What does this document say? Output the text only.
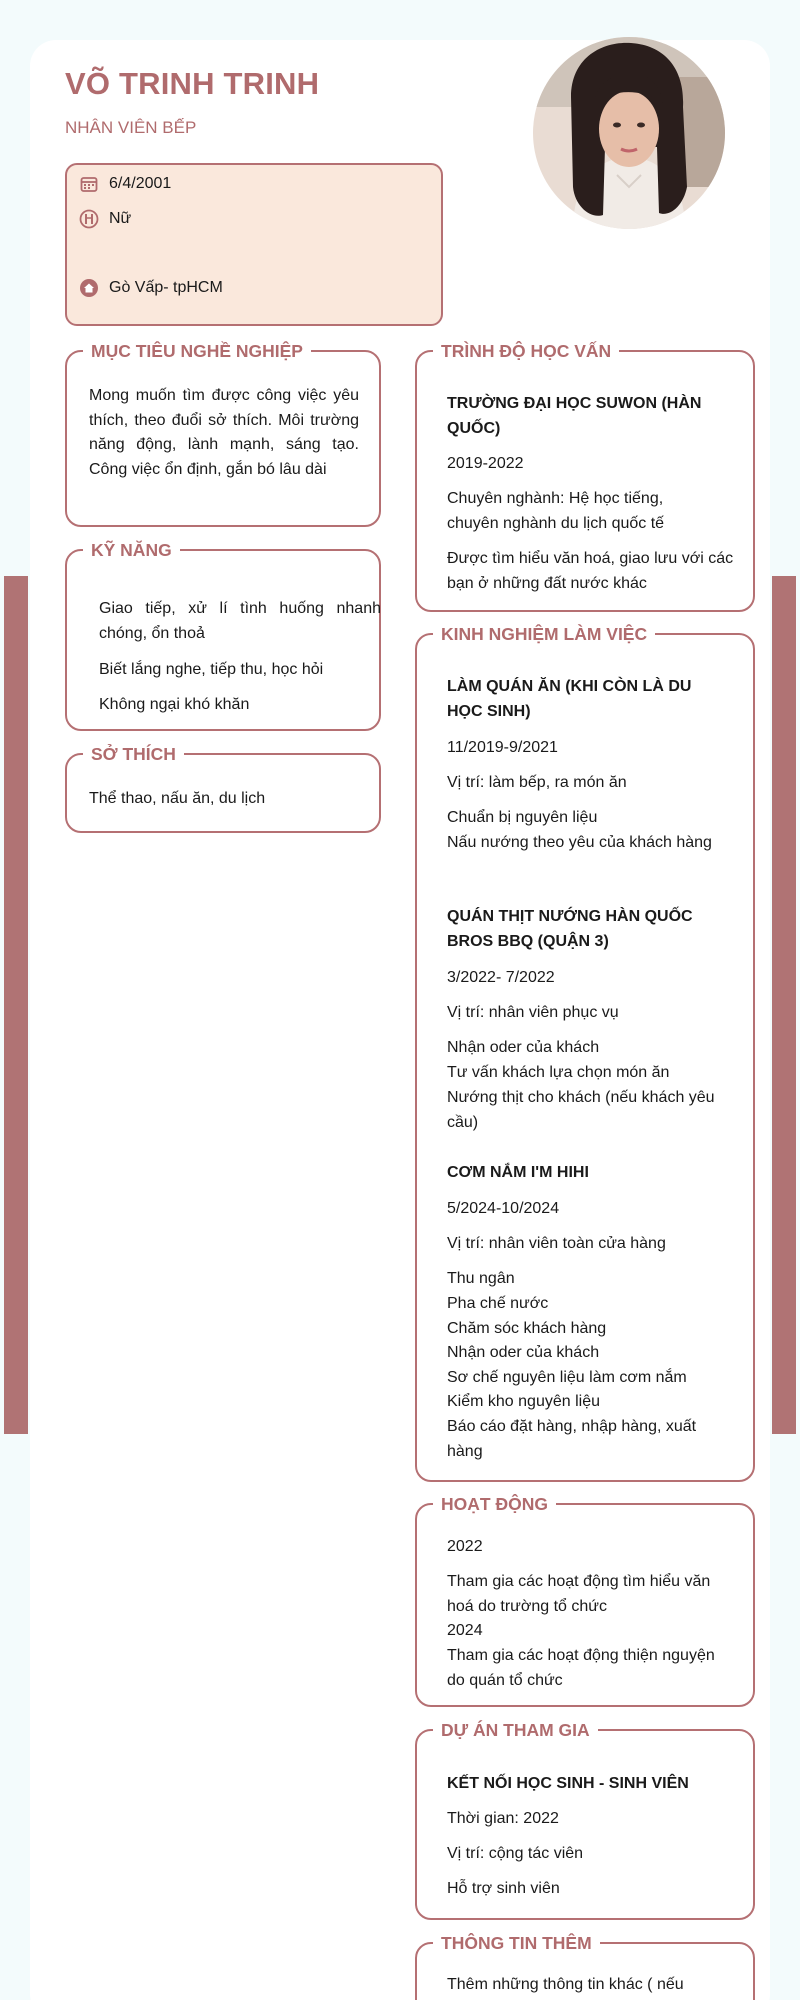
VÕ TRINH TRINH
NHÂN VIÊN BẾP
6/4/2001
Nữ
Gò Vấp- tpHCM
MỤC TIÊU NGHỀ NGHIỆP
Mong muốn tìm được công việc yêu thích, theo đuổi sở thích. Môi trường năng động, lành mạnh, sáng tạo. Công việc ổn định, gắn bó lâu dài
KỸ NĂNG
Giao tiếp, xử lí tình huống nhanh chóng, ổn thoả
Biết lắng nghe, tiếp thu, học hỏi
Không ngại khó khăn
SỞ THÍCH
Thể thao, nấu ăn, du lịch
TRÌNH ĐỘ HỌC VẤN
TRƯỜNG ĐẠI HỌC SUWON (HÀN QUỐC)
2019-2022
Chuyên nghành: Hệ học tiếng, chuyên nghành du lịch quốc tế
Được tìm hiểu văn hoá, giao lưu với các bạn ở những đất nước khác
KINH NGHIỆM LÀM VIỆC
LÀM QUÁN ĂN (KHI CÒN LÀ DU HỌC SINH)
11/2019-9/2021
Vị trí: làm bếp, ra món ăn
Chuẩn bị nguyên liệu
Nấu nướng theo yêu của khách hàng
QUÁN THỊT NƯỚNG HÀN QUỐC BROS BBQ (QUẬN 3)
3/2022- 7/2022
Vị trí: nhân viên phục vụ
Nhận oder của khách
Tư vấn khách lựa chọn món ăn
Nướng thịt cho khách (nếu khách yêu cầu)
CƠM NẮM I'M HIHI
5/2024-10/2024
Vị trí: nhân viên toàn cửa hàng
Thu ngân
Pha chế nước
Chăm sóc khách hàng
Nhận oder của khách
Sơ chế nguyên liệu làm cơm nắm
Kiểm kho nguyên liệu
Báo cáo đặt hàng, nhập hàng, xuất hàng
HOẠT ĐỘNG
2022
Tham gia các hoạt động tìm hiểu văn hoá do trường tổ chức
2024
Tham gia các hoạt động thiện nguyện do quán tổ chức
DỰ ÁN THAM GIA
KẾT NỐI HỌC SINH - SINH VIÊN
Thời gian: 2022
Vị trí: cộng tác viên
Hỗ trợ sinh viên
THÔNG TIN THÊM
Thêm những thông tin khác ( nếu
